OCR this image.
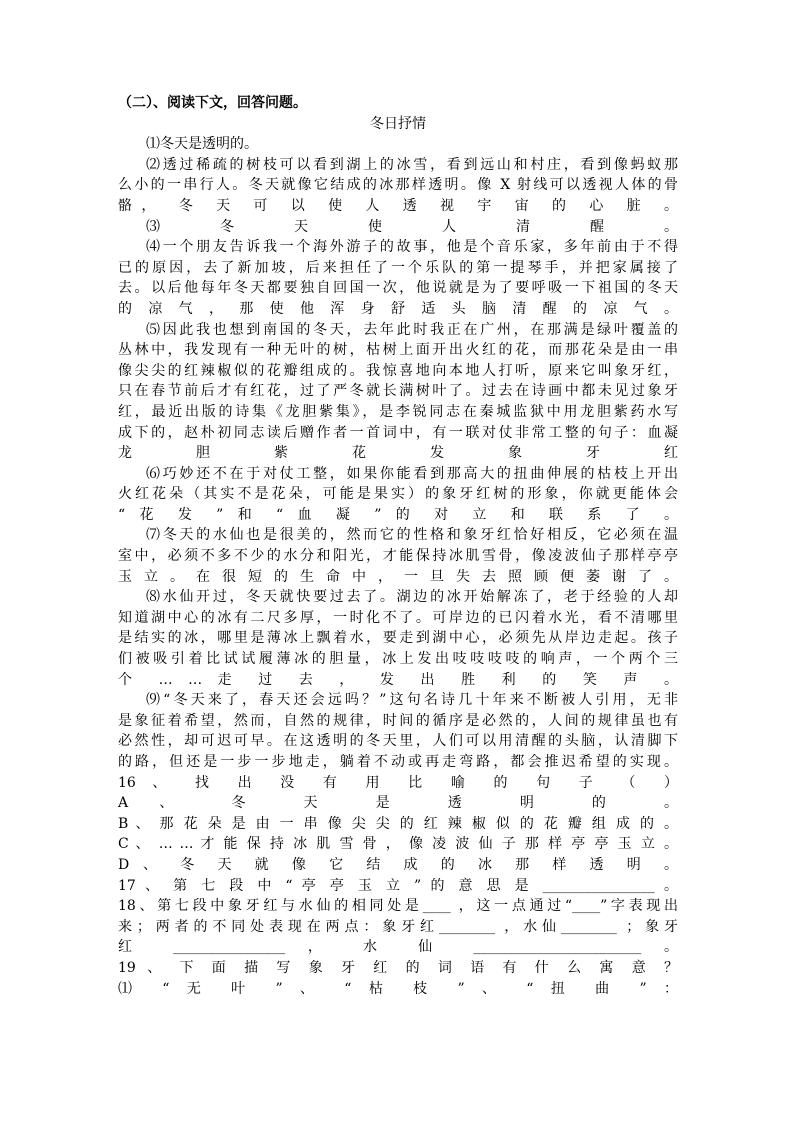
（二）、阅读下文，回答问题。
冬日抒情
⑴冬天是透明的。
⑵透过稀疏的树枝可以看到湖上的冰雪，看到远山和村庄，看到像蚂蚁那
么小的一串行人。冬天就像它结成的冰那样透明。像 X 射线可以透视人体的骨
骼， 冬 天 可 以 使 人 透 视 宇 宙 的 心 脏 。
⑶ 冬 天 使 人 清 醒 。
⑷一个朋友告诉我一个海外游子的故事，他是个音乐家，多年前由于不得
已的原因，去了新加坡，后来担任了一个乐队的第一提琴手，并把家属接了
去。以后他每年冬天都要独自回国一次，他说就是为了要呼吸一下祖国的冬天
的 凉 气 ， 那 使 他 浑 身 舒 适 头 脑 清 醒 的 凉 气 。
⑸因此我也想到南国的冬天，去年此时我正在广州，在那满是绿叶覆盖的
丛林中，我发现有一种无叶的树，枯树上面开出火红的花，而那花朵是由一串
像尖尖的红辣椒似的花瓣组成的。我惊喜地向本地人打听，原来它叫象牙红，
只在春节前后才有红花，过了严冬就长满树叶了。过去在诗画中都未见过象牙
红，最近出版的诗集《龙胆紫集》，是李锐同志在秦城监狱中用龙胆紫药水写
成下的，赵朴初同志读后赠作者一首词中，有一联对仗非常工整的句子：血凝
龙 胆 紫 花 发 象 牙 红
⑹巧妙还不在于对仗工整，如果你能看到那高大的扭曲伸展的枯枝上开出
火红花朵（其实不是花朵，可能是果实）的象牙红树的形象，你就更能体会
“ 花 发 ” 和 “ 血 凝 ” 的 对 立 和 联 系 了 。
⑺冬天的水仙也是很美的，然而它的性格和象牙红恰好相反，它必须在温
室中，必须不多不少的水分和阳光，才能保持冰肌雪骨，像凌波仙子那样亭亭
玉 立 。 在 很 短 的 生 命 中 ， 一 旦 失 去 照 顾 便 萎 谢 了 。
⑻水仙开过，冬天就快要过去了。湖边的冰开始解冻了，老于经验的人却
知道湖中心的冰有二尺多厚，一时化不了。可岸边的已闪着水光，看不清哪里
是结实的冰，哪里是薄冰上飘着水，要走到湖中心，必须先从岸边走起。孩子
们被吸引着比试试履薄冰的胆量，冰上发出吱吱吱吱的响声，一个两个三
个 … … 走 过 去 ， 发 出 胜 利 的 笑 声 。
⑼“冬天来了，春天还会远吗？”这句名诗几十年来不断被人引用，无非
是象征着希望，然而，自然的规律，时间的循序是必然的，人间的规律虽也有
必然性，却可迟可早。在这透明的冬天里，人们可以用清醒的头脑，认清脚下
的路，但还是一步一步地走，躺着不动或再走弯路，都会推迟希望的实现。
16 、 找 出 没 有 用 比 喻 的 句 子 （ ）
A 、 冬 天 是 透 明 的 。
B 、 那 花 朵 是 由 一 串 像 尖 尖 的 红 辣 椒 似 的 花 瓣 组 成 的 。
C 、 … … 才 能 保 持 冰 肌 雪 骨 ， 像 凌 波 仙 子 那 样 亭 亭 玉 立 。
D 、 冬 天 就 像 它 结 成 的 冰 那 样 透 明 。
17 、 第 七 段 中 “ 亭 亭 玉 立 ” 的 意 思 是 ________________ 。
18、第七段中象牙红与水仙的相同处是____ ，这一点通过“____”字表现出
来；两者的不同处表现在两点：象牙红________ ，水仙________ ；象牙
红 ________________ ， 水 仙 ________________________ 。
19 、 下 面 描 写 象 牙 红 的 词 语 有 什 么 寓 意 ？
⑴ “ 无 叶 ” 、 “ 枯 枝 ” 、 “ 扭 曲 ” ：
